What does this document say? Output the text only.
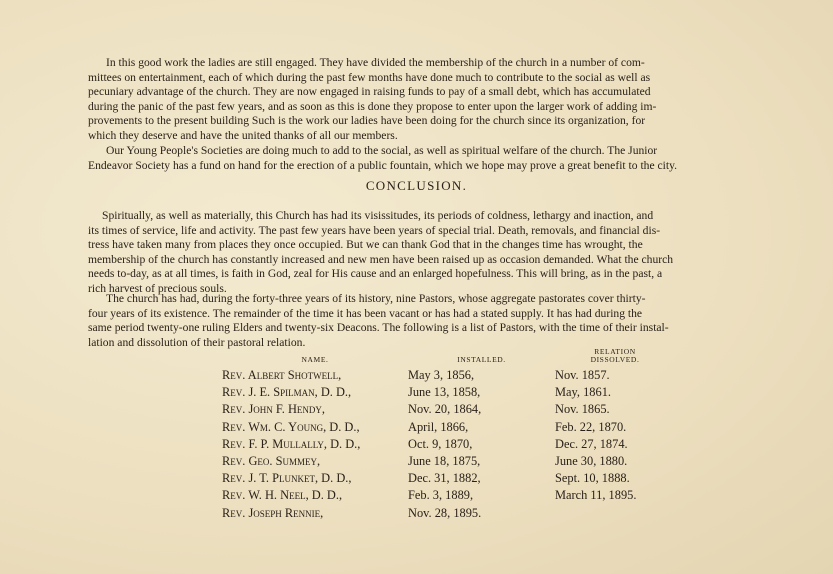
In this good work the ladies are still engaged. They have divided the membership of the church in a number of com-
mittees on entertainment, each of which during the past few months have done much to contribute to the social as well as
pecuniary advantage of the church. They are now engaged in raising funds to pay of a small debt, which has accumulated
during the panic of the past few years, and as soon as this is done they propose to enter upon the larger work of adding im-
provements to the present building Such is the work our ladies have been doing for the church since its organization, for
which they deserve and have the united thanks of all our members.

Our Young People's Societies are doing much to add to the social, as well as spiritual welfare of the church. The Junior
Endeavor Society has a fund on hand for the erection of a public fountain, which we hope may prove a great benefit to the city.

CONCLUSION.

Spiritually, as well as materially, this Church has had its visissitudes, its periods of coldness, lethargy and inaction, and
its times of service, life and activity. The past few years have been years of special trial. Death, removals, and financial dis-
tress have taken many from places they once occupied. But we can thank God that in the changes time has wrought, the
membership of the church has constantly increased and new men have been raised up as occasion demanded. What the church
needs to-day, as at all times, is faith in God, zeal for His cause and an enlarged hopefulness. This will bring, as in the past, a
rich harvest of precious souls.

The church has had, during the forty-three years of its history, nine Pastors, whose aggregate pastorates cover thirty-
four years of its existence. The remainder of the time it has been vacant or has had a stated supply. It has had during the
same period twenty-one ruling Elders and twenty-six Deacons. The following is a list of Pastors, with the time of their instal-
lation and dissolution of their pastoral relation.

NAME.	INSTALLED.	RELATION
DISSOLVED.
Rev. Albert Shotwell,	May 3, 1856,	Nov. 1857.
Rev. J. E. Spilman, D. D.,	June 13, 1858,	May, 1861.
Rev. John F. Hendy,	Nov. 20, 1864,	Nov. 1865.
Rev. Wm. C. Young, D. D.,	April, 1866,	Feb. 22, 1870.
Rev. F. P. Mullally, D. D.,	Oct. 9, 1870,	Dec. 27, 1874.
Rev. Geo. Summey,	June 18, 1875,	June 30, 1880.
Rev. J. T. Plunket, D. D.,	Dec. 31, 1882,	Sept. 10, 1888.
Rev. W. H. Neel, D. D.,	Feb. 3, 1889,	March 11, 1895.
Rev. Joseph Rennie,	Nov. 28, 1895.	
